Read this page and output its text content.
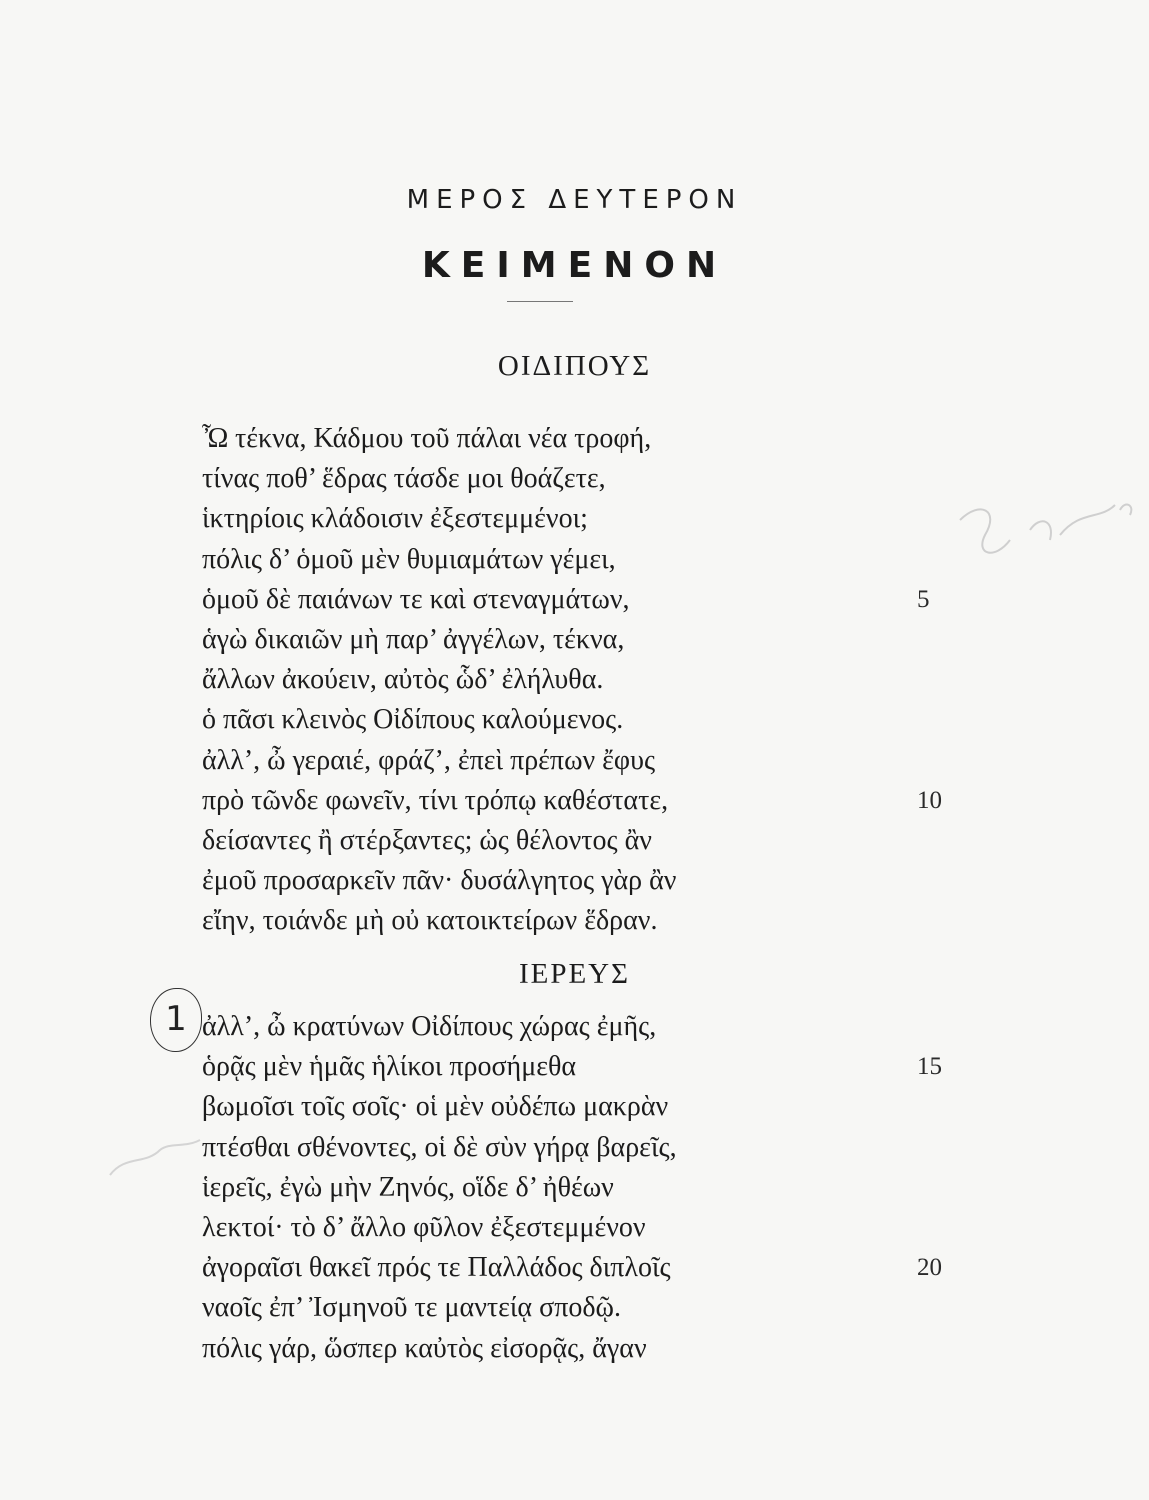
ΜΕΡΟΣ ΔΕΥΤΕΡΟΝ
ΚΕΙΜΕΝΟΝ
ΟΙΔΙΠΟΥΣ
Ὦ τέκνα, Κάδμου τοῦ πάλαι νέα τροφή,
τίνας ποθ’ ἕδρας τάσδε μοι θοάζετε,
ἱκτηρίοις κλάδοισιν ἐξεστεμμένοι;
πόλις δ’ ὁμοῦ μὲν θυμιαμάτων γέμει,
ὁμοῦ δὲ παιάνων τε καὶ στεναγμάτων,	5
ἁγὼ δικαιῶν μὴ παρ’ ἀγγέλων, τέκνα,
ἄλλων ἀκούειν, αὐτὸς ὧδ’ ἐλήλυθα.
ὁ πᾶσι κλεινὸς Οἰδίπους καλούμενος.
ἀλλ’, ὦ γεραιέ, φράζ’, ἐπεὶ πρέπων ἔφυς
πρὸ τῶνδε φωνεῖν, τίνι τρόπῳ καθέστατε,	10
δείσαντες ἢ στέρξαντες; ὡς θέλοντος ἂν
ἐμοῦ προσαρκεῖν πᾶν· δυσάλγητος γὰρ ἂν
εἴην, τοιάνδε μὴ οὐ κατοικτείρων ἕδραν.
ΙΕΡΕΥΣ
1 ἀλλ’, ὦ κρατύνων Οἰδίπους χώρας ἐμῆς,
ὁρᾷς μὲν ἡμᾶς ἡλίκοι προσήμεθα	15
βωμοῖσι τοῖς σοῖς· οἱ μὲν οὐδέπω μακρὰν
πτέσθαι σθένοντες, οἱ δὲ σὺν γήρᾳ βαρεῖς,
ἱερεῖς, ἐγὼ μὴν Ζηνός, οἵδε δ’ ἠθέων
λεκτοί· τὸ δ’ ἄλλο φῦλον ἐξεστεμμένον
ἀγοραῖσι θακεῖ πρός τε Παλλάδος διπλοῖς	20
ναοῖς ἐπ’ Ἰσμηνοῦ τε μαντείᾳ σποδῷ.
πόλις γάρ, ὥσπερ καὐτὸς εἰσορᾷς, ἄγαν
